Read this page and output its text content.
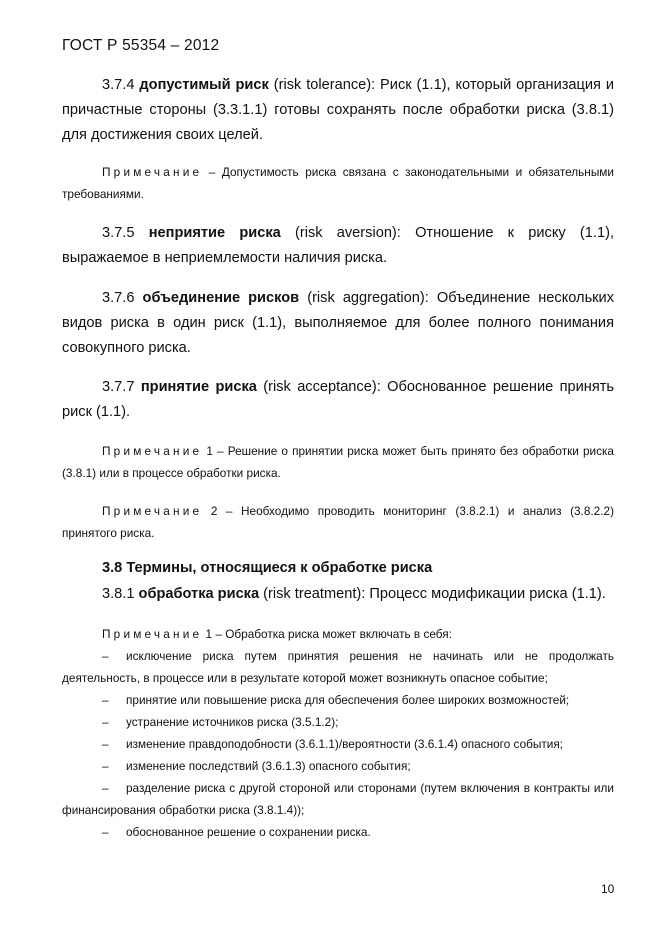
ГОСТ Р 55354 – 2012

3.7.4 допустимый риск (risk tolerance): Риск (1.1), который организация и причастные стороны (3.3.1.1) готовы сохранять после обработки риска (3.8.1) для достижения своих целей.

Примечание – Допустимость риска связана с законодательными и обязательными требованиями.

3.7.5 неприятие риска (risk aversion): Отношение к риску (1.1), выражаемое в неприемлемости наличия риска.

3.7.6 объединение рисков (risk aggregation): Объединение нескольких видов риска в один риск (1.1), выполняемое для более полного понимания совокупного риска.

3.7.7 принятие риска (risk acceptance): Обоснованное решение принять риск (1.1).

Примечание 1 – Решение о принятии риска может быть принято без обработки риска (3.8.1) или в процессе обработки риска.

Примечание 2 – Необходимо проводить мониторинг (3.8.2.1) и анализ (3.8.2.2) принятого риска.

3.8 Термины, относящиеся к обработке риска

3.8.1 обработка риска (risk treatment): Процесс модификации риска (1.1).

Примечание 1 – Обработка риска может включать в себя:

– исключение риска путем принятия решения не начинать или не продолжать деятельность, в процессе или в результате которой может возникнуть опасное событие;

– принятие или повышение риска для обеспечения более широких возможностей;

– устранение источников риска (3.5.1.2);

– изменение правдоподобности (3.6.1.1)/вероятности (3.6.1.4) опасного события;

– изменение последствий (3.6.1.3) опасного события;

– разделение риска с другой стороной или сторонами (путем включения в контракты или финансирования обработки риска (3.8.1.4));

– обоснованное решение о сохранении риска.

10
